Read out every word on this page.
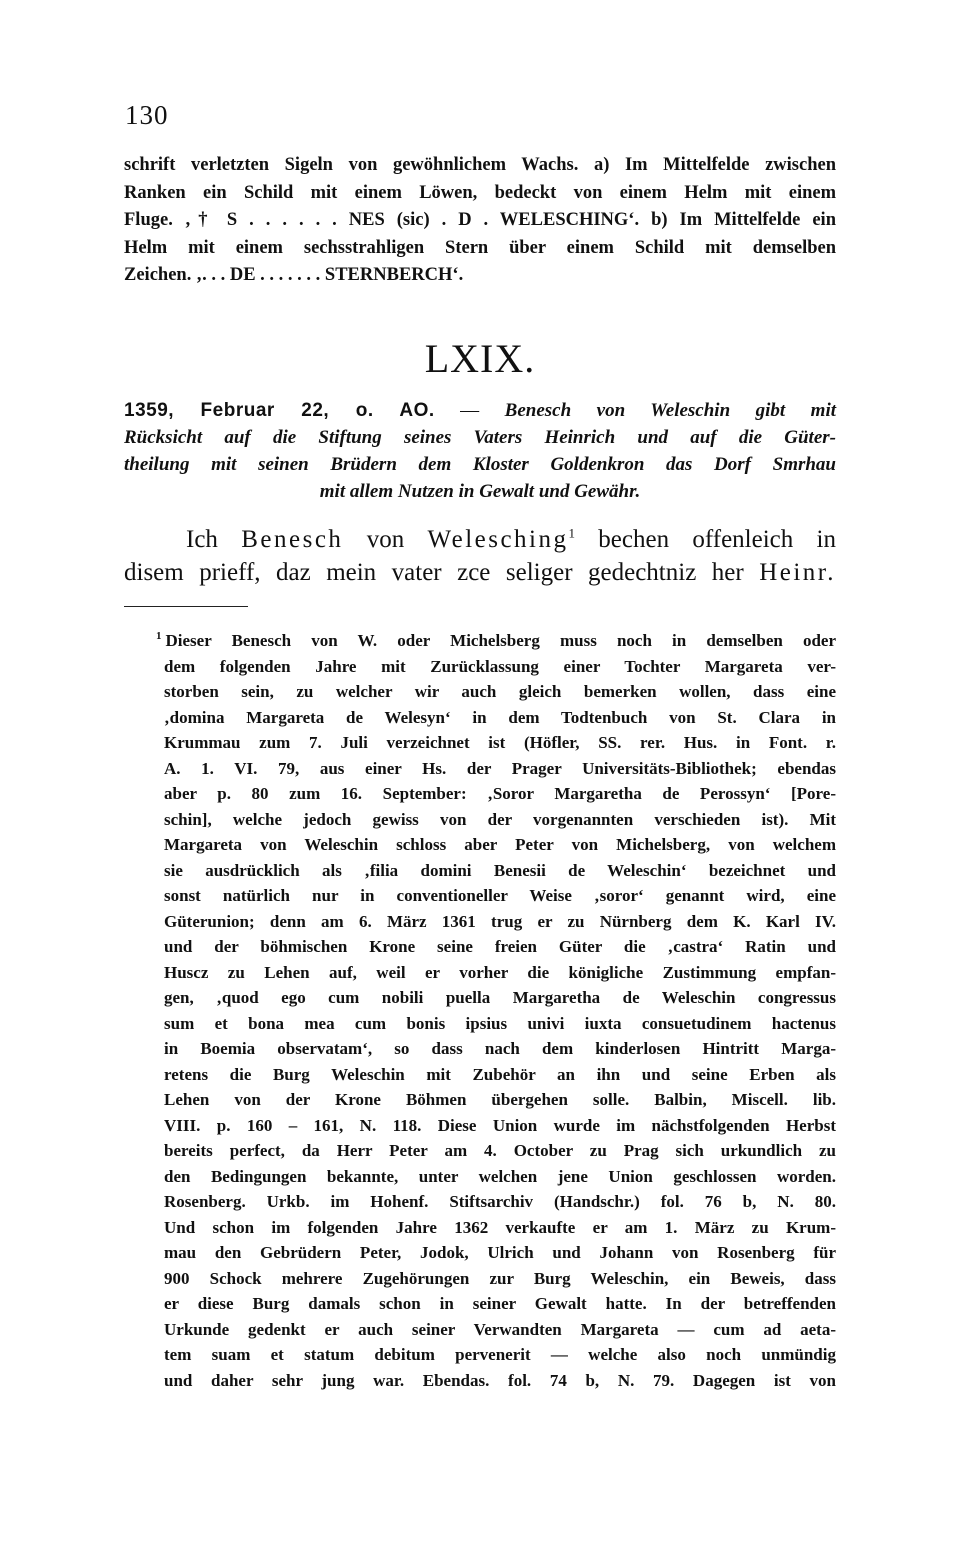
130
schrift verletzten Sigeln von gewöhnlichem Wachs. a) Im Mittelfelde zwischen
Ranken ein Schild mit einem Löwen, bedeckt von einem Helm mit einem
Fluge. ‚† S . . . . . . NES (sic) . D . WELESCHING‘. b) Im Mittelfelde ein
Helm mit einem sechsstrahligen Stern über einem Schild mit demselben
Zeichen. ‚. . . DE . . . . . . . STERNBERCH‘.
LXIX.
1359, Februar 22, o. AO. — Benesch von Weleschin gibt mit
Rücksicht auf die Stiftung seines Vaters Heinrich und auf die Güter-
theilung mit seinen Brüdern dem Kloster Goldenkron das Dorf Smrhau
mit allem Nutzen in Gewalt und Gewähr.
Ich Benesch von Welesching$^1$ bechen offenleich in
disem prieff, daz mein vater zce seliger gedechtniz her Heinr.
$^1$ Dieser Benesch von W. oder Michelsberg muss noch in demselben oder
dem folgenden Jahre mit Zurücklassung einer Tochter Margareta ver-
storben sein, zu welcher wir auch gleich bemerken wollen, dass eine
‚domina Margareta de Welesyn‘ in dem Todtenbuch von St. Clara in
Krummau zum 7. Juli verzeichnet ist (Höfler, SS. rer. Hus. in Font. r.
A. 1. VI. 79, aus einer Hs. der Prager Universitäts-Bibliothek; ebendas
aber p. 80 zum 16. September: ‚Soror Margaretha de Perossyn‘ [Pore-
schin], welche jedoch gewiss von der vorgenannten verschieden ist). Mit
Margareta von Weleschin schloss aber Peter von Michelsberg, von welchem
sie ausdrücklich als ‚filia domini Benesii de Weleschin‘ bezeichnet und
sonst natürlich nur in conventioneller Weise ‚soror‘ genannt wird, eine
Güterunion; denn am 6. März 1361 trug er zu Nürnberg dem K. Karl IV.
und der böhmischen Krone seine freien Güter die ‚castra‘ Ratin und
Huscz zu Lehen auf, weil er vorher die königliche Zustimmung empfan-
gen, ‚quod ego cum nobili puella Margaretha de Weleschin congressus
sum et bona mea cum bonis ipsius univi iuxta consuetudinem hactenus
in Boemia observatam‘, so dass nach dem kinderlosen Hintritt Marga-
retens die Burg Weleschin mit Zubehör an ihn und seine Erben als
Lehen von der Krone Böhmen übergehen solle. Balbin, Miscell. lib.
VIII. p. 160 – 161, N. 118. Diese Union wurde im nächstfolgenden Herbst
bereits perfect, da Herr Peter am 4. October zu Prag sich urkundlich zu
den Bedingungen bekannte, unter welchen jene Union geschlossen worden.
Rosenberg. Urkb. im Hohenf. Stiftsarchiv (Handschr.) fol. 76 b, N. 80.
Und schon im folgenden Jahre 1362 verkaufte er am 1. März zu Krum-
mau den Gebrüdern Peter, Jodok, Ulrich und Johann von Rosenberg für
900 Schock mehrere Zugehörungen zur Burg Weleschin, ein Beweis, dass
er diese Burg damals schon in seiner Gewalt hatte. In der betreffenden
Urkunde gedenkt er auch seiner Verwandten Margareta — cum ad aeta-
tem suam et statum debitum pervenerit — welche also noch unmündig
und daher sehr jung war. Ebendas. fol. 74 b, N. 79. Dagegen ist von
